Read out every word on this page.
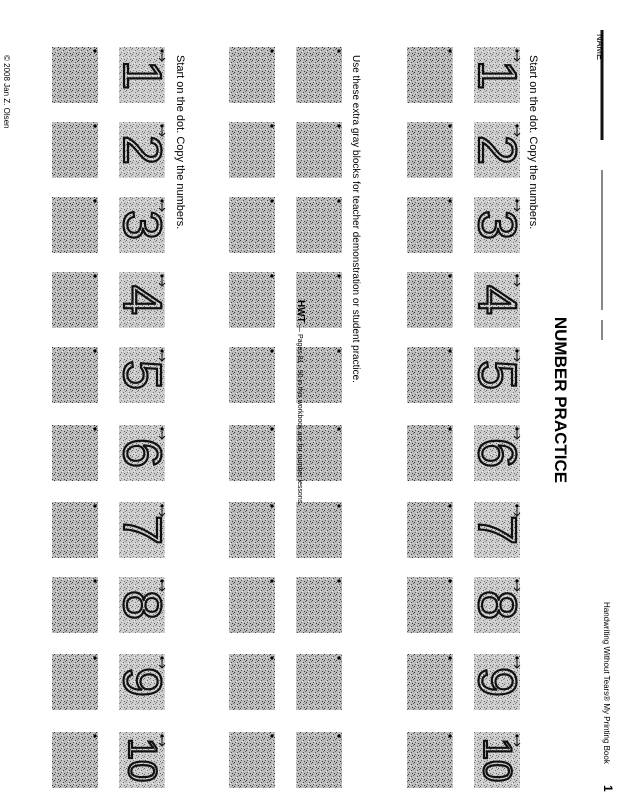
NAME
NUMBER PRACTICE
Start on the dot. Copy the numbers.
Use these extra gray blocks for teacher demonstration or student practice.
Start on the dot. Copy the numbers.	1
2
3
4
5
6
7
8
9
10
1
2
3
4
5
6
7
8
9
10
© 2008 Jan Z. Olsen
HWT
— Pages 81 - 90 in this workbook are for number lessons.
Handwriting Without Tears® My Printing Book
1
